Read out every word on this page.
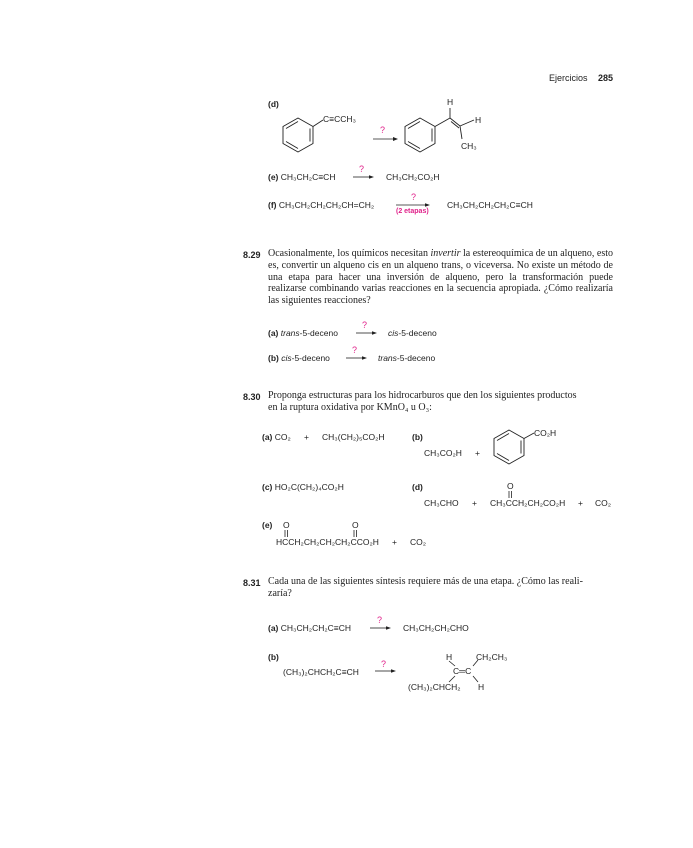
Ejercicios 285
(d)
C≡CCH₃
?
H
H
CH₃
(e) CH₃CH₂C≡CH
?
CH₃CH₂CO₂H
(f) CH₃CH₂CH₂CH₂CH=CH₂
?
(2 etapas)
CH₃CH₂CH₂CH₂C≡CH
8.29 Ocasionalmente, los químicos necesitan invertir la estereoquímica de un alqueno, esto es, convertir un alqueno cis en un alqueno trans, o viceversa. No existe un método de una etapa para hacer una inversión de alqueno, pero la transformación puede realizarse combinando varias reacciones en la secuencia apropiada. ¿Cómo realizaría las siguientes reacciones?
(a) trans-5-deceno
?
cis-5-deceno
(b) cis-5-deceno
?
trans-5-deceno
8.30 Proponga estructuras para los hidrocarburos que den los siguientes productos
en la ruptura oxidativa por KMnO₄ u O₃:
(a) CO₂ + CH₃(CH₂)₅CO₂H	(b)
CH₃CO₂H +
CO₂H
(c) HO₂C(CH₂)₄CO₂H	(d)
CH₃CHO +
O
CH₃CCH₂CH₂CO₂H + CO₂
(e) O	O
HCCH₂CH₂CH₂CH₂CCO₂H + CO₂
8.31 Cada una de las siguientes síntesis requiere más de una etapa. ¿Cómo las reali-
zaría?
(a) CH₃CH₂CH₂C≡CH
?
CH₃CH₂CH₂CHO
(b)
(CH₃)₂CHCH₂C≡CH
?
H	CH₂CH₃
C═C
(CH₃)₂CHCH₂ H
